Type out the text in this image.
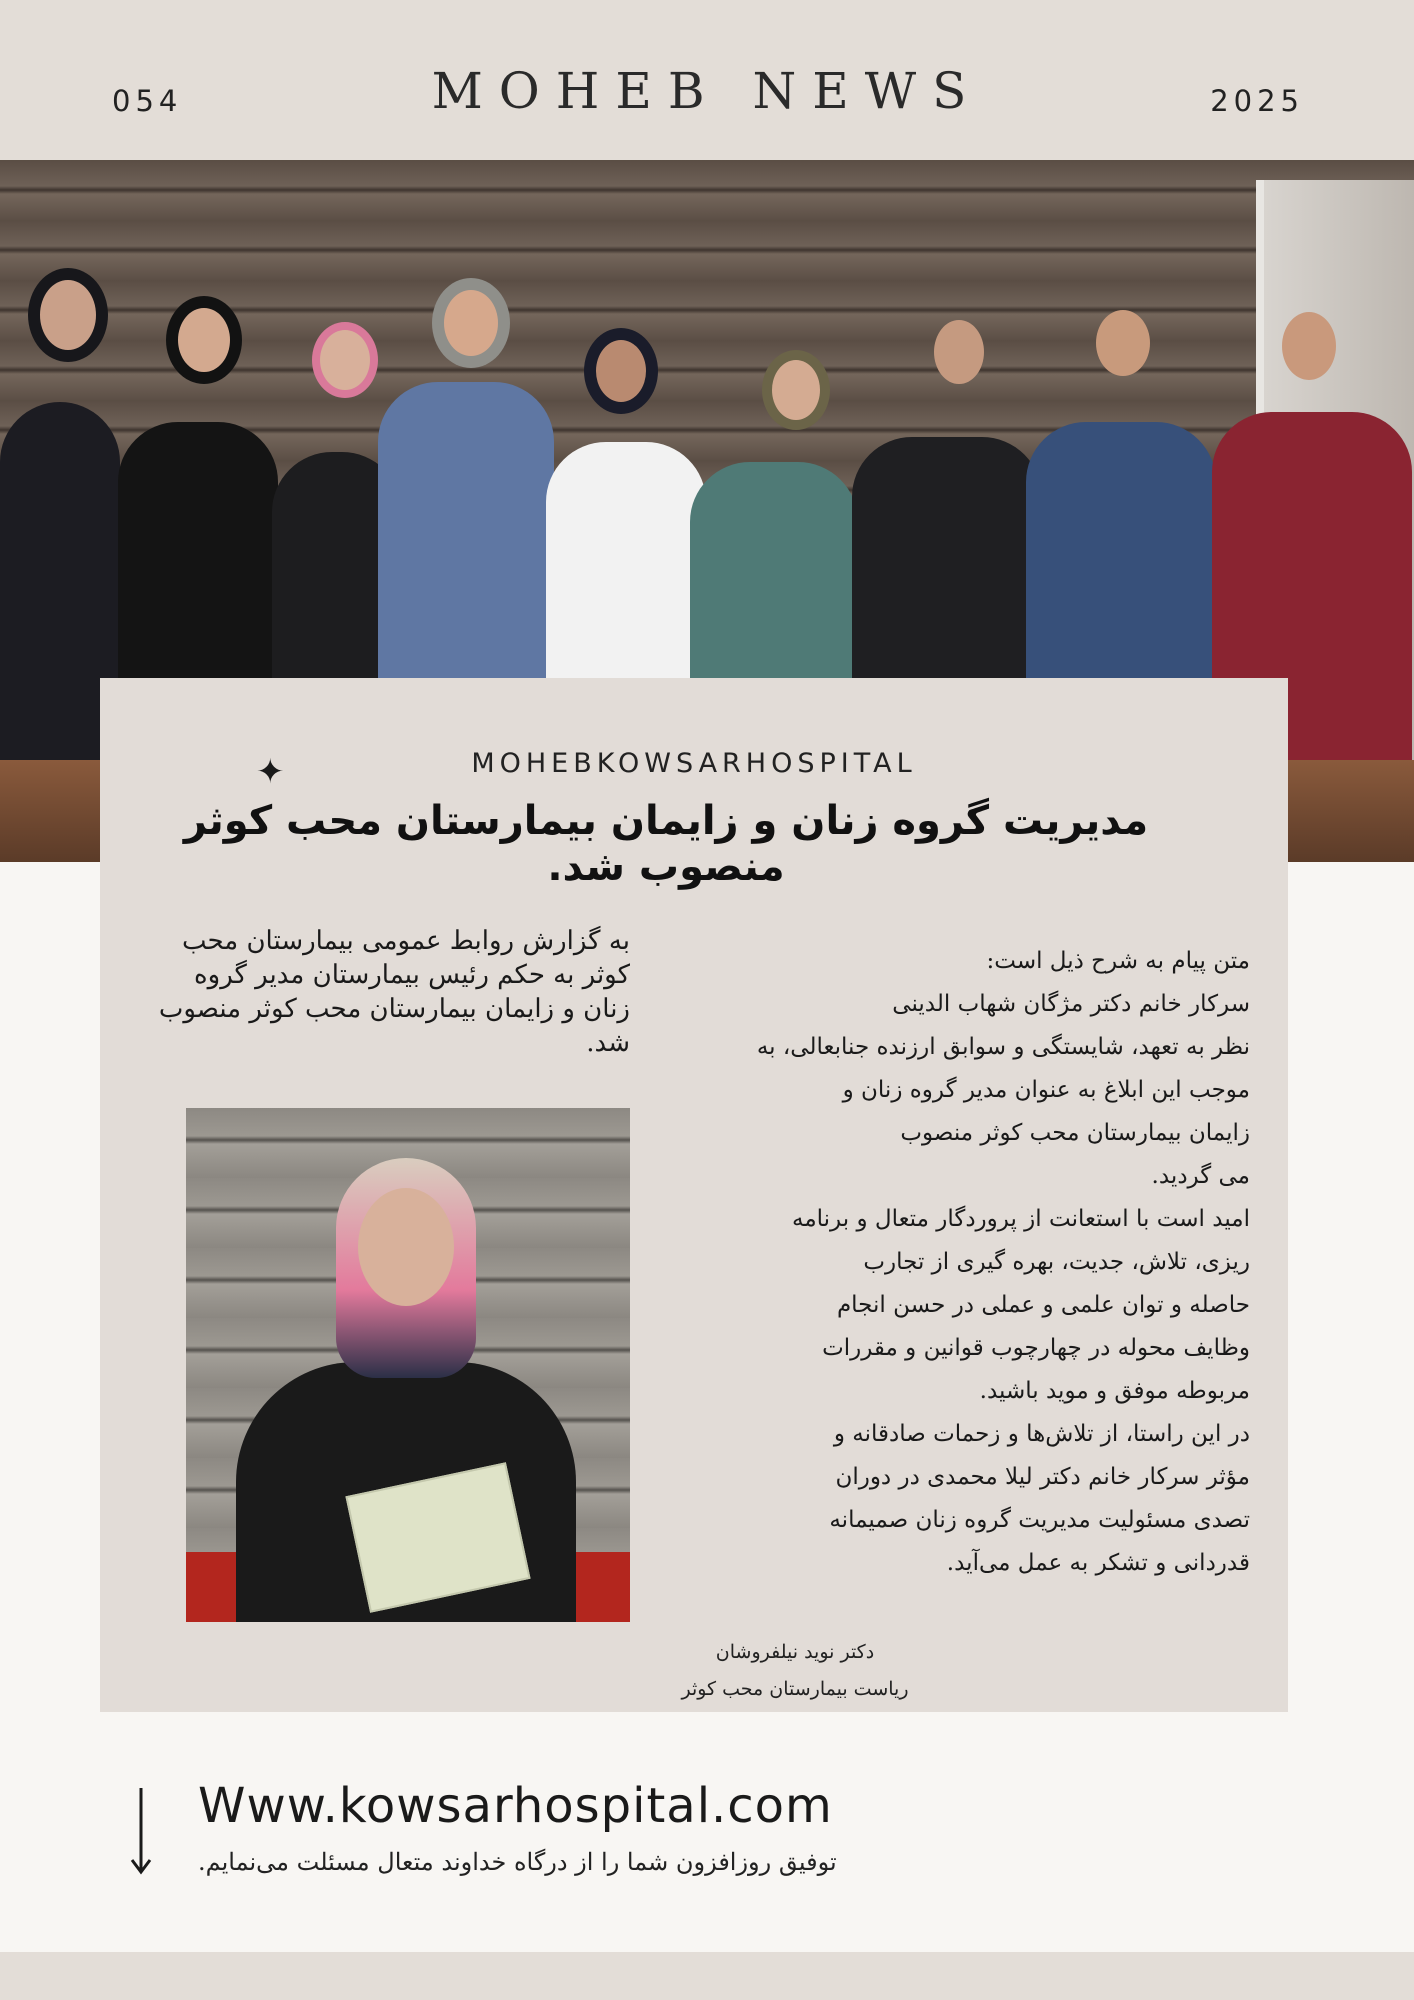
054	MOHEB NEWS	2025
✦	MOHEBKOWSARHOSPITAL
مدیریت گروه زنان و زایمان بیمارستان محب کوثر منصوب شد.
به گزارش روابط عمومی بیمارستان محب کوثر به حکم رئیس بیمارستان مدیر گروه زنان و زایمان بیمارستان محب کوثر منصوب شد.
متن پیام به شرح ذیل است:
سرکار خانم دکتر مژگان شهاب الدینی
نظر به تعهد، شایستگی و سوابق ارزنده جنابعالی، به
موجب این ابلاغ به عنوان مدیر گروه زنان و
زایمان بیمارستان محب کوثر منصوب
می گردید.
امید است با استعانت از پروردگار متعال و برنامه
ریزی، تلاش، جدیت، بهره گیری از تجارب
حاصله و توان علمی و عملی در حسن انجام
وظایف محوله در چهارچوب قوانین و مقررات
مربوطه موفق و موید باشید.
در این راستا، از تلاش‌ها و زحمات صادقانه و
مؤثر سرکار خانم دکتر لیلا محمدی در دوران
تصدی مسئولیت مدیریت گروه زنان صمیمانه
قدردانی و تشکر به عمل می‌آید.
دکتر نوید نیلفروشان
ریاست بیمارستان محب کوثر
Www.kowsarhospital.com
توفیق روزافزون شما را از درگاه خداوند متعال مسئلت می‌نمایم.
